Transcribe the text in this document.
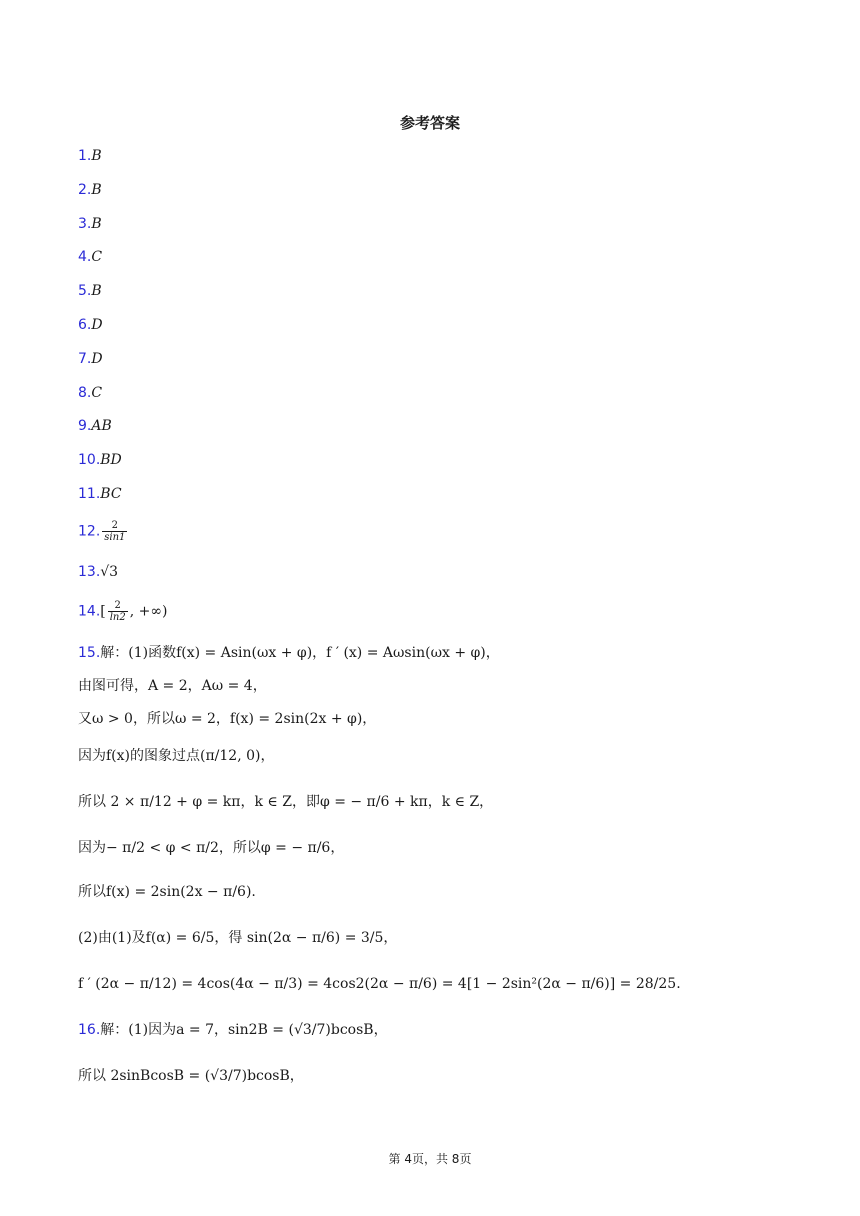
参考答案
1.B
2.B
3.B
4.C
5.B
6.D
7.D
8.C
9.AB
10.BD
11.BC
12. $\frac{2}{\sin 1}$
13.√3
$14.[ \frac{2}{\ln 2}$ , +∞)
15.解：(1)函数f(x) = Asin(ωx + φ)，f ′ (x) = Aωsin(ωx + φ)，
由图可得，A = 2，Aω = 4，
又ω > 0，所以ω = 2，f(x) = 2sin(2x + φ)，
因为f(x)的图象过点(π/12, 0)，
所以 2 × π/12 + φ = kπ，k ∈ Z，即φ = − π/6 + kπ，k ∈ Z，
因为− π/2 < φ < π/2，所以φ = − π/6，
所以f(x) = 2sin(2x − π/6).
(2)由(1)及f(α) = 6/5，得 sin(2α − π/6) = 3/5，
f ′ (2α − π/12) = 4cos(4α − π/3) = 4cos2(2α − π/6) = 4[1 − 2sin²(2α − π/6)] = 28/25.
16.解：(1)因为a = 7，sin2B = (√3/7)bcosB，
所以 2sinBcosB = (√3/7)bcosB，
第 4页，共 8页
